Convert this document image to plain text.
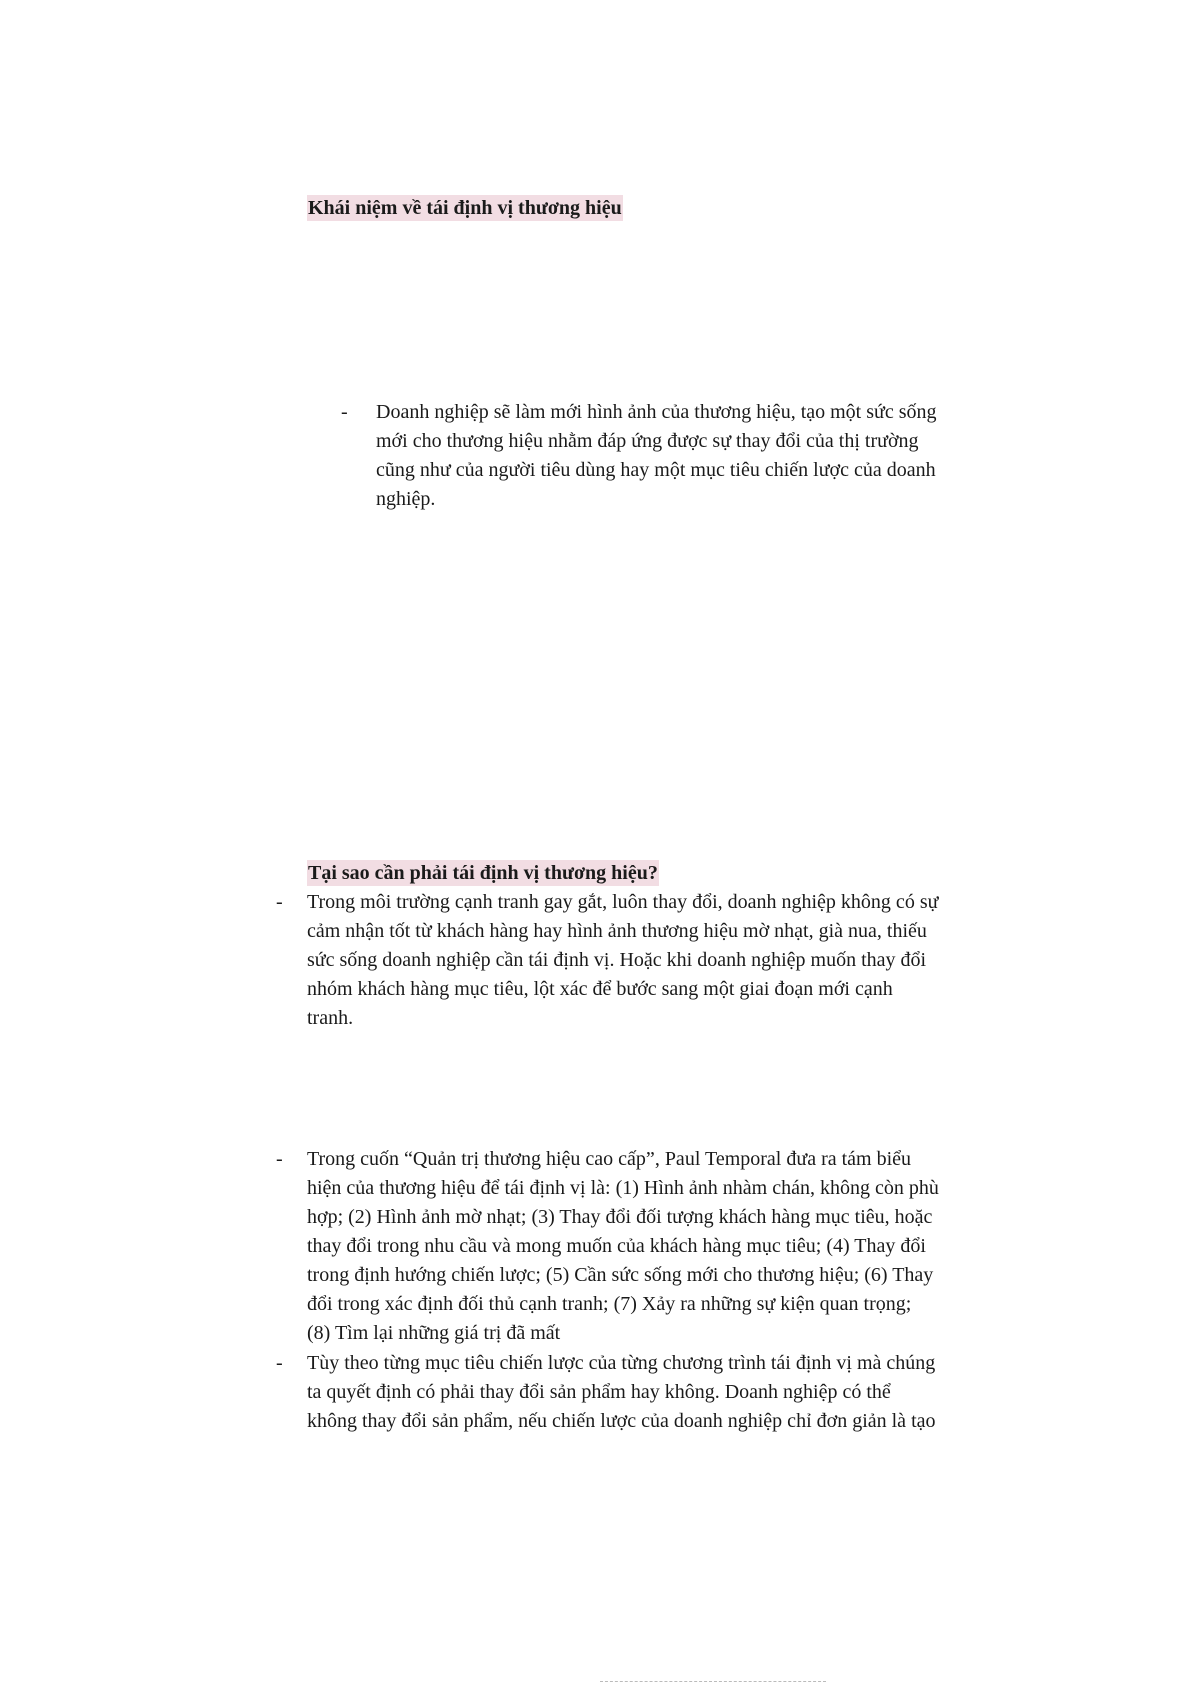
Khái niệm về tái định vị thương hiệu
- Doanh nghiệp sẽ làm mới hình ảnh của thương hiệu, tạo một sức sống
mới cho thương hiệu nhằm đáp ứng được sự thay đổi của thị trường
cũng như của người tiêu dùng hay một mục tiêu chiến lược của doanh
nghiệp.
Tại sao cần phải tái định vị thương hiệu?
- Trong môi trường cạnh tranh gay gắt, luôn thay đổi, doanh nghiệp không có sự
cảm nhận tốt từ khách hàng hay hình ảnh thương hiệu mờ nhạt, già nua, thiếu
sức sống doanh nghiệp cần tái định vị. Hoặc khi doanh nghiệp muốn thay đổi
nhóm khách hàng mục tiêu, lột xác để bước sang một giai đoạn mới cạnh
tranh.
- Trong cuốn “Quản trị thương hiệu cao cấp”, Paul Temporal đưa ra tám biểu
hiện của thương hiệu để tái định vị là: (1) Hình ảnh nhàm chán, không còn phù
hợp; (2) Hình ảnh mờ nhạt; (3) Thay đổi đối tượng khách hàng mục tiêu, hoặc
thay đổi trong nhu cầu và mong muốn của khách hàng mục tiêu; (4) Thay đổi
trong định hướng chiến lược; (5) Cần sức sống mới cho thương hiệu; (6) Thay
đổi trong xác định đối thủ cạnh tranh; (7) Xảy ra những sự kiện quan trọng;
(8) Tìm lại những giá trị đã mất
- Tùy theo từng mục tiêu chiến lược của từng chương trình tái định vị mà chúng
ta quyết định có phải thay đổi sản phẩm hay không. Doanh nghiệp có thể
không thay đổi sản phẩm, nếu chiến lược của doanh nghiệp chỉ đơn giản là tạo
